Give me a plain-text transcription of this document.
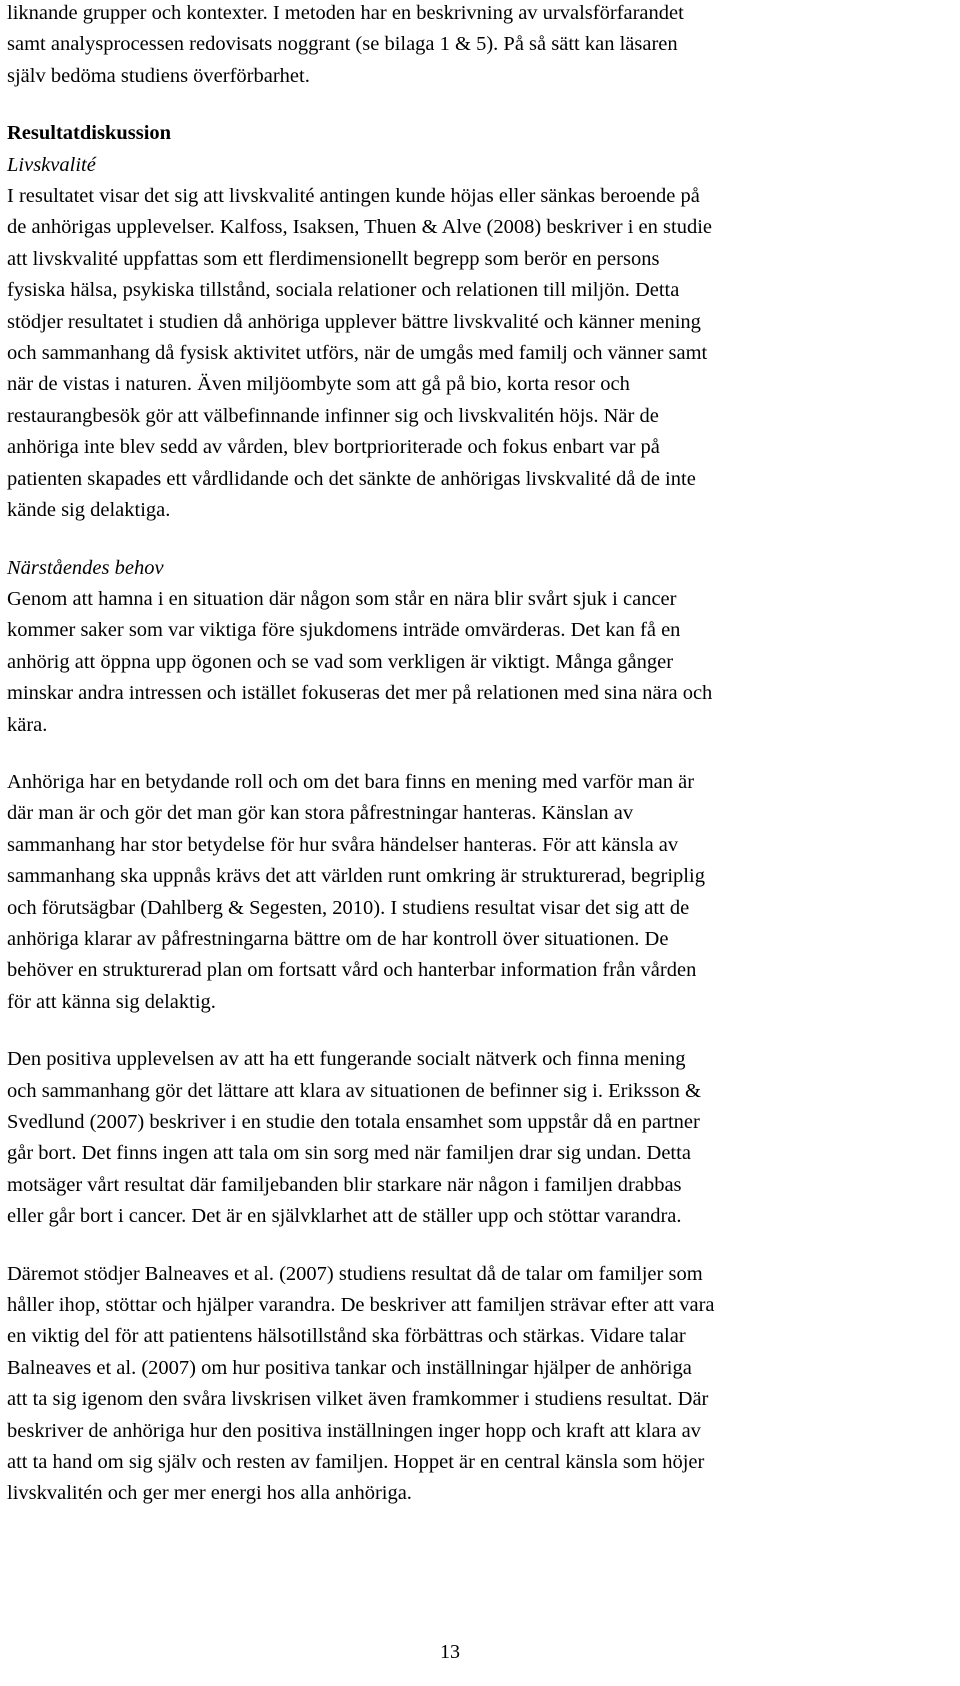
liknande grupper och kontexter. I metoden har en beskrivning av urvalsförfarandet
samt analysprocessen redovisats noggrant (se bilaga 1 & 5). På så sätt kan läsaren
själv bedöma studiens överförbarhet.
Resultatdiskussion
Livskvalité
I resultatet visar det sig att livskvalité antingen kunde höjas eller sänkas beroende på
de anhörigas upplevelser. Kalfoss, Isaksen, Thuen & Alve (2008) beskriver i en studie
att livskvalité uppfattas som ett flerdimensionellt begrepp som berör en persons
fysiska hälsa, psykiska tillstånd, sociala relationer och relationen till miljön. Detta
stödjer resultatet i studien då anhöriga upplever bättre livskvalité och känner mening
och sammanhang då fysisk aktivitet utförs, när de umgås med familj och vänner samt
när de vistas i naturen. Även miljöombyte som att gå på bio, korta resor och
restaurangbesök gör att välbefinnande infinner sig och livskvalitén höjs. När de
anhöriga inte blev sedd av vården, blev bortprioriterade och fokus enbart var på
patienten skapades ett vårdlidande och det sänkte de anhörigas livskvalité då de inte
kände sig delaktiga.
Närståendes behov
Genom att hamna i en situation där någon som står en nära blir svårt sjuk i cancer
kommer saker som var viktiga före sjukdomens inträde omvärderas. Det kan få en
anhörig att öppna upp ögonen och se vad som verkligen är viktigt. Många gånger
minskar andra intressen och istället fokuseras det mer på relationen med sina nära och
kära.
Anhöriga har en betydande roll och om det bara finns en mening med varför man är
där man är och gör det man gör kan stora påfrestningar hanteras. Känslan av
sammanhang har stor betydelse för hur svåra händelser hanteras. För att känsla av
sammanhang ska uppnås krävs det att världen runt omkring är strukturerad, begriplig
och förutsägbar (Dahlberg & Segesten, 2010). I studiens resultat visar det sig att de
anhöriga klarar av påfrestningarna bättre om de har kontroll över situationen. De
behöver en strukturerad plan om fortsatt vård och hanterbar information från vården
för att känna sig delaktig.
Den positiva upplevelsen av att ha ett fungerande socialt nätverk och finna mening
och sammanhang gör det lättare att klara av situationen de befinner sig i. Eriksson &
Svedlund (2007) beskriver i en studie den totala ensamhet som uppstår då en partner
går bort. Det finns ingen att tala om sin sorg med när familjen drar sig undan. Detta
motsäger vårt resultat där familjebanden blir starkare när någon i familjen drabbas
eller går bort i cancer. Det är en självklarhet att de ställer upp och stöttar varandra.
Däremot stödjer Balneaves et al. (2007) studiens resultat då de talar om familjer som
håller ihop, stöttar och hjälper varandra. De beskriver att familjen strävar efter att vara
en viktig del för att patientens hälsotillstånd ska förbättras och stärkas. Vidare talar
Balneaves et al. (2007) om hur positiva tankar och inställningar hjälper de anhöriga
att ta sig igenom den svåra livskrisen vilket även framkommer i studiens resultat. Där
beskriver de anhöriga hur den positiva inställningen inger hopp och kraft att klara av
att ta hand om sig själv och resten av familjen. Hoppet är en central känsla som höjer
livskvalitén och ger mer energi hos alla anhöriga.
13
